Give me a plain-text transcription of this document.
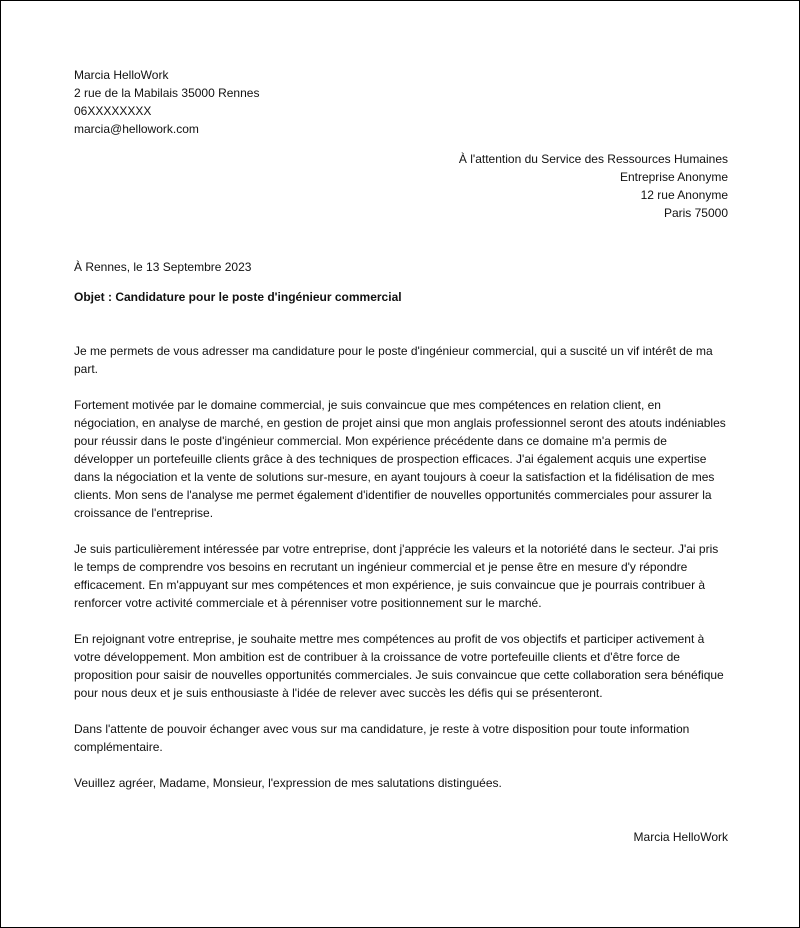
Marcia HelloWork
2 rue de la Mabilais 35000 Rennes
06XXXXXXXX
marcia@hellowork.com
À l'attention du Service des Ressources Humaines
Entreprise Anonyme
12 rue Anonyme
Paris 75000
À Rennes, le 13 Septembre 2023
Objet : Candidature pour le poste d'ingénieur commercial

Je me permets de vous adresser ma candidature pour le poste d'ingénieur commercial, qui a suscité un vif intérêt de ma part.

Fortement motivée par le domaine commercial, je suis convaincue que mes compétences en relation client, en négociation, en analyse de marché, en gestion de projet ainsi que mon anglais professionnel seront des atouts indéniables pour réussir dans le poste d'ingénieur commercial. Mon expérience précédente dans ce domaine m'a permis de développer un portefeuille clients grâce à des techniques de prospection efficaces. J'ai également acquis une expertise dans la négociation et la vente de solutions sur-mesure, en ayant toujours à coeur la satisfaction et la fidélisation de mes clients. Mon sens de l'analyse me permet également d'identifier de nouvelles opportunités commerciales pour assurer la croissance de l'entreprise.

Je suis particulièrement intéressée par votre entreprise, dont j'apprécie les valeurs et la notoriété dans le secteur. J'ai pris le temps de comprendre vos besoins en recrutant un ingénieur commercial et je pense être en mesure d'y répondre efficacement. En m'appuyant sur mes compétences et mon expérience, je suis convaincue que je pourrais contribuer à renforcer votre activité commerciale et à pérenniser votre positionnement sur le marché.

En rejoignant votre entreprise, je souhaite mettre mes compétences au profit de vos objectifs et participer activement à votre développement. Mon ambition est de contribuer à la croissance de votre portefeuille clients et d'être force de proposition pour saisir de nouvelles opportunités commerciales. Je suis convaincue que cette collaboration sera bénéfique pour nous deux et je suis enthousiaste à l'idée de relever avec succès les défis qui se présenteront.

Dans l'attente de pouvoir échanger avec vous sur ma candidature, je reste à votre disposition pour toute information complémentaire.

Veuillez agréer, Madame, Monsieur, l'expression de mes salutations distinguées.

Marcia HelloWork
